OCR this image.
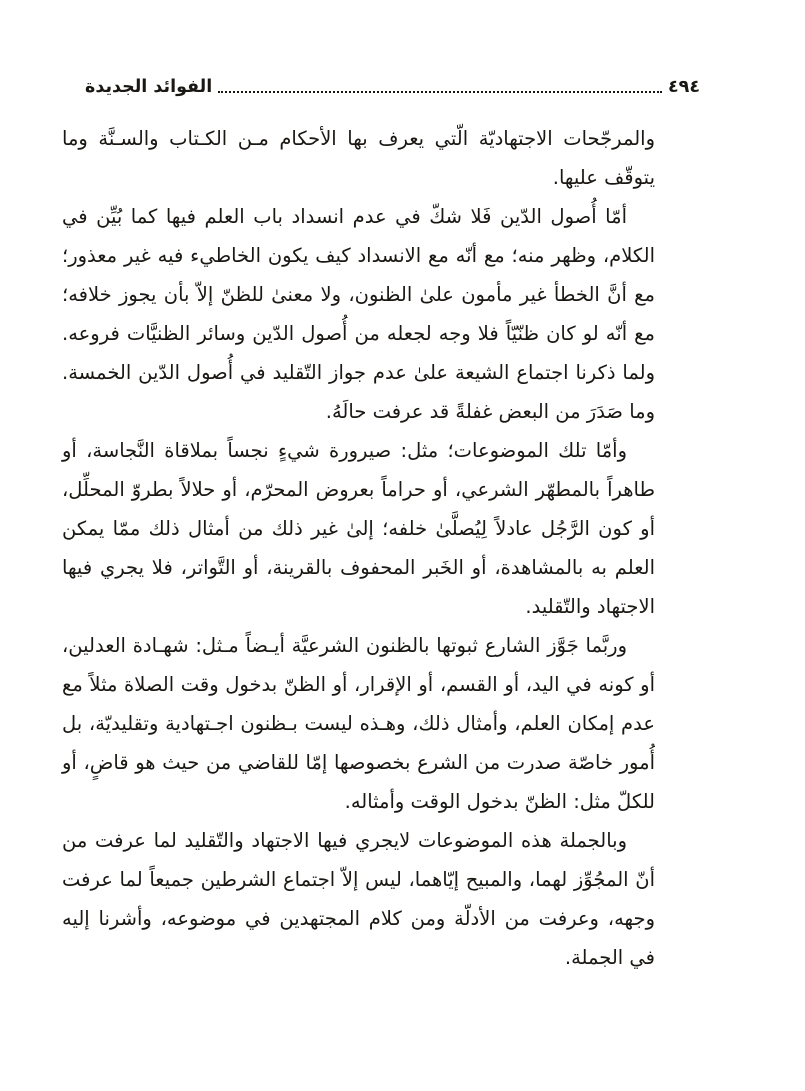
٤٩٤
الفوائد الجديدة

والمرجّحات الاجتهاديّة الّتي يعرف بها الأحكام مـن الكـتاب والسـنَّة وما يتوقّف عليها.

أمّا أُصول الدّين فَلا شكّ في عدم انسداد باب العلم فيها كما بُيِّن في الكلام، وظهر منه؛ مع أنّه مع الانسداد كيف يكون الخاطيء فيه غير معذور؛ مع أنَّ الخطأ غير مأمون علىٰ الظنون، ولا معنىٰ للظنّ إلاّ بأن يجوز خلافه؛ مع أنّه لو كان ظنّيّاً فلا وجه لجعله من أُصول الدّين وسائر الظنيَّات فروعه. ولما ذكرنا اجتماع الشيعة علىٰ عدم جواز التّقليد في أُصول الدّين الخمسة. وما صَدَرَ من البعض غفلةً قد عرفت حالَهُ.

وأمّا تلك الموضوعات؛ مثل: صيرورة شيءٍ نجساً بملاقاة النَّجاسة، أو طاهراً بالمطهّر الشرعي، أو حراماً بعروض المحرّم، أو حلالاً بطروّ المحلِّل، أو كون الرَّجُل عادلاً لِيُصلَّىٰ خلفه؛ إلىٰ غير ذلك من أمثال ذلك ممّا يمكن العلم به بالمشاهدة، أو الخَبر المحفوف بالقرينة، أو التَّواتر، فلا يجري فيها الاجتهاد والتّقليد.

وربَّما جَوَّز الشارع ثبوتها بالظنون الشرعيَّة أيـضاً مـثل: شهـادة العدلين، أو كونه في اليد، أو القسم، أو الإقرار، أو الظنّ بدخول وقت الصلاة مثلاً مع عدم إمكان العلم، وأمثال ذلك، وهـذه ليست بـظنون اجـتهادية وتقليديّة، بل أُمور خاصّة صدرت من الشرع بخصوصها إمّا للقاضي من حيث هو قاضٍ، أو للكلّ مثل: الظنّ بدخول الوقت وأمثاله.

وبالجملة هذه الموضوعات لايجري فيها الاجتهاد والتّقليد لما عرفت من أنّ المجُوِّز لهما، والمبيح إيّاهما، ليس إلاّ اجتماع الشرطين جميعاً لما عرفت وجهه، وعرفت من الأدلّة ومن كلام المجتهدين في موضوعه، وأشرنا إليه في الجملة.
